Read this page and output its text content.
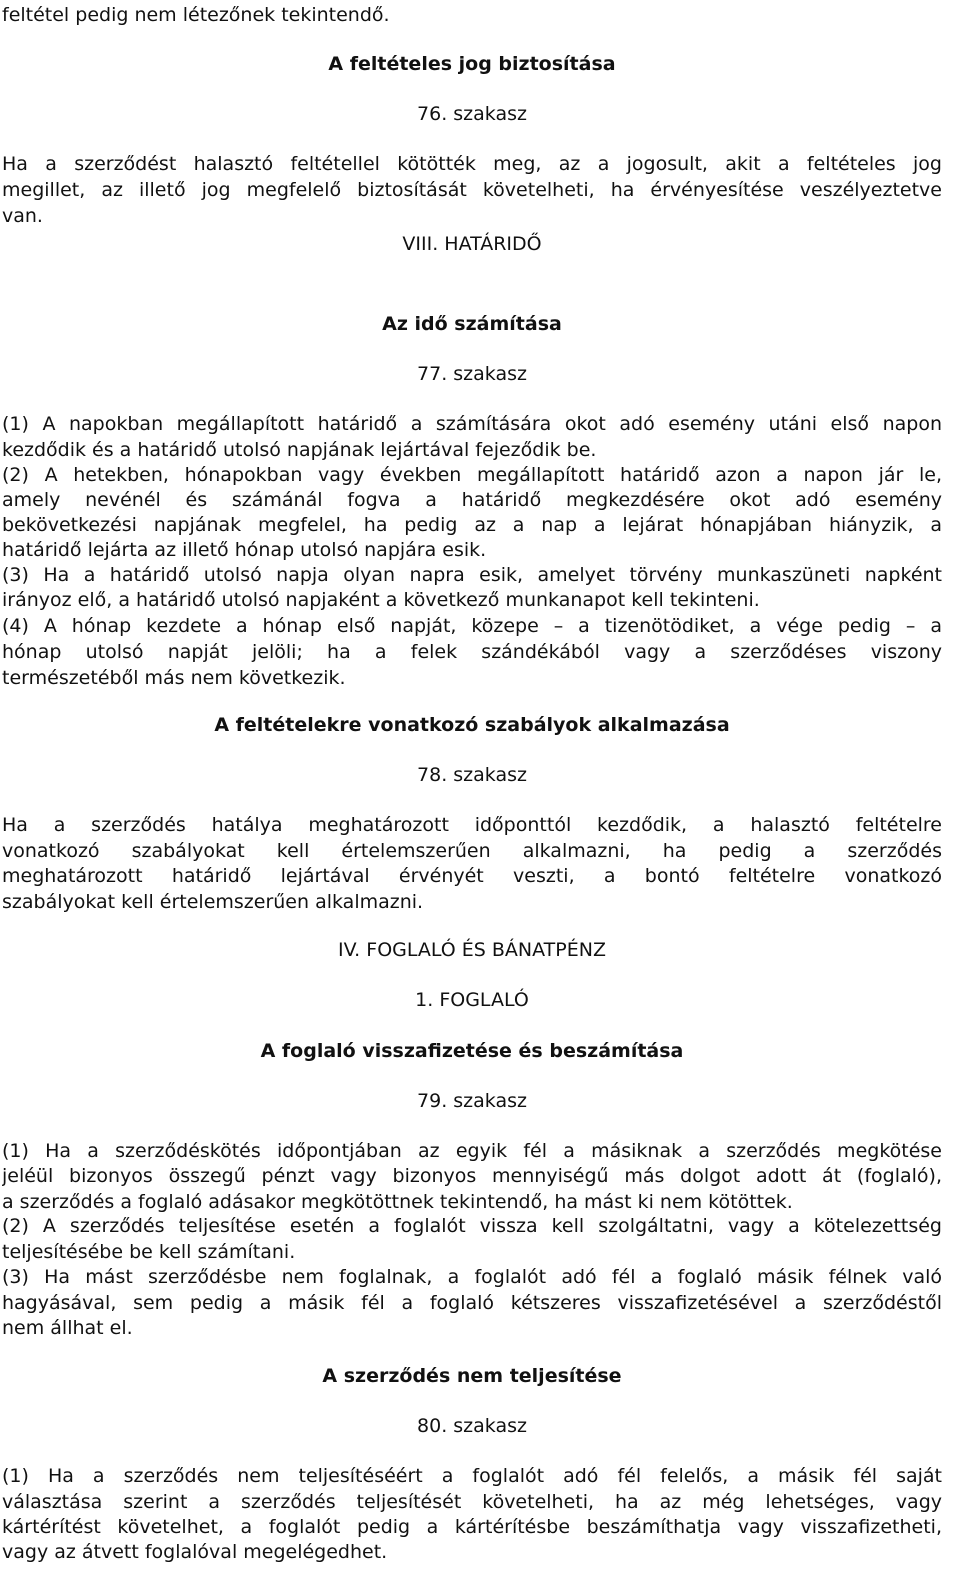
feltétel pedig nem létezőnek tekintendő.
A feltételes jog biztosítása
76. szakasz
Ha a szerződést halasztó feltétellel kötötték meg, az a jogosult, akit a feltételes jog
megillet, az illető jog megfelelő biztosítását követelheti, ha érvényesítése veszélyeztetve
van.
VIII. HATÁRIDŐ
Az idő számítása
77. szakasz
(1) A napokban megállapított határidő a számítására okot adó esemény utáni első napon
kezdődik és a határidő utolsó napjának lejártával fejeződik be.
(2) A hetekben, hónapokban vagy években megállapított határidő azon a napon jár le,
amely nevénél és számánál fogva a határidő megkezdésére okot adó esemény
bekövetkezési napjának megfelel, ha pedig az a nap a lejárat hónapjában hiányzik, a
határidő lejárta az illető hónap utolsó napjára esik.
(3) Ha a határidő utolsó napja olyan napra esik, amelyet törvény munkaszüneti napként
irányoz elő, a határidő utolsó napjaként a következő munkanapot kell tekinteni.
(4) A hónap kezdete a hónap első napját, közepe – a tizenötödiket, a vége pedig – a
hónap utolsó napját jelöli; ha a felek szándékából vagy a szerződéses viszony
természetéből más nem következik.
A feltételekre vonatkozó szabályok alkalmazása
78. szakasz
Ha a szerződés hatálya meghatározott időponttól kezdődik, a halasztó feltételre
vonatkozó szabályokat kell értelemszerűen alkalmazni, ha pedig a szerződés
meghatározott határidő lejártával érvényét veszti, a bontó feltételre vonatkozó
szabályokat kell értelemszerűen alkalmazni.
IV. FOGLALÓ ÉS BÁNATPÉNZ
1. FOGLALÓ
A foglaló visszafizetése és beszámítása
79. szakasz
(1) Ha a szerződéskötés időpontjában az egyik fél a másiknak a szerződés megkötése
jeléül bizonyos összegű pénzt vagy bizonyos mennyiségű más dolgot adott át (foglaló),
a szerződés a foglaló adásakor megkötöttnek tekintendő, ha mást ki nem kötöttek.
(2) A szerződés teljesítése esetén a foglalót vissza kell szolgáltatni, vagy a kötelezettség
teljesítésébe be kell számítani.
(3) Ha mást szerződésbe nem foglalnak, a foglalót adó fél a foglaló másik félnek való
hagyásával, sem pedig a másik fél a foglaló kétszeres visszafizetésével a szerződéstől
nem állhat el.
A szerződés nem teljesítése
80. szakasz
(1) Ha a szerződés nem teljesítéséért a foglalót adó fél felelős, a másik fél saját
választása szerint a szerződés teljesítését követelheti, ha az még lehetséges, vagy
kártérítést követelhet, a foglalót pedig a kártérítésbe beszámíthatja vagy visszafizetheti,
vagy az átvett foglalóval megelégedhet.
